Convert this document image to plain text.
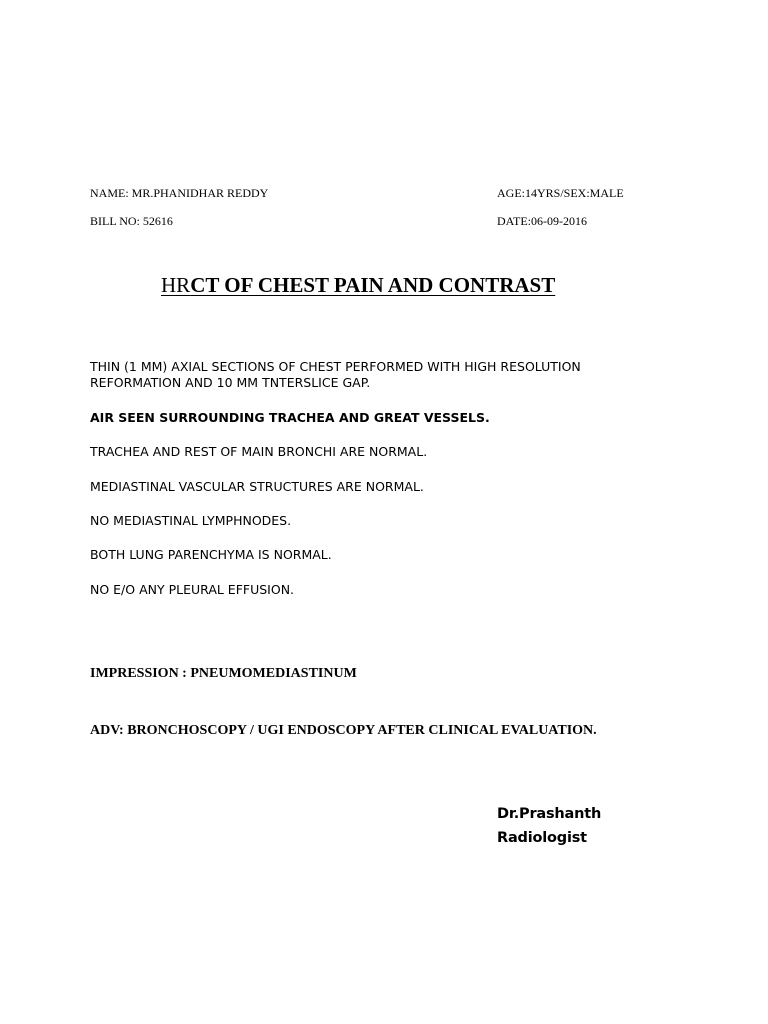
NAME: MR.PHANIDHAR REDDY	AGE:14YRS/SEX:MALE
BILL NO: 52616	DATE:06-09-2016
HRCT OF CHEST PAIN AND CONTRAST
THIN (1 MM) AXIAL SECTIONS OF CHEST PERFORMED WITH HIGH RESOLUTION
REFORMATION AND 10 MM TNTERSLICE GAP.
AIR SEEN SURROUNDING TRACHEA AND GREAT VESSELS.
TRACHEA AND REST OF MAIN BRONCHI ARE NORMAL.
MEDIASTINAL VASCULAR STRUCTURES ARE NORMAL.
NO MEDIASTINAL LYMPHNODES.
BOTH LUNG PARENCHYMA IS NORMAL.
NO E/O ANY PLEURAL EFFUSION.
IMPRESSION : PNEUMOMEDIASTINUM
ADV: BRONCHOSCOPY / UGI ENDOSCOPY AFTER CLINICAL EVALUATION.
Dr.Prashanth
Radiologist
